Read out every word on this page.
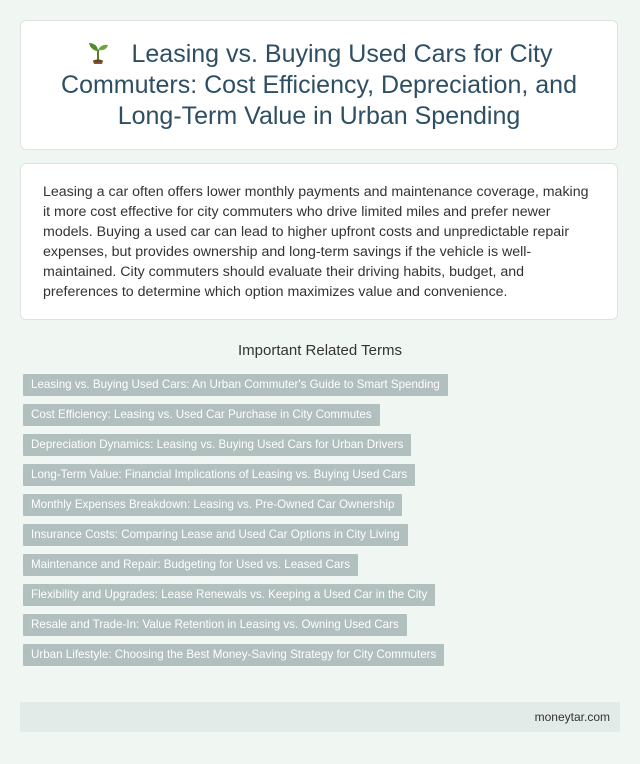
Leasing vs. Buying Used Cars for City Commuters: Cost Efficiency, Depreciation, and Long-Term Value in Urban Spending

Leasing a car often offers lower monthly payments and maintenance coverage, making it more cost effective for city commuters who drive limited miles and prefer newer models. Buying a used car can lead to higher upfront costs and unpredictable repair expenses, but provides ownership and long-term savings if the vehicle is well-maintained. City commuters should evaluate their driving habits, budget, and preferences to determine which option maximizes value and convenience.

Important Related Terms
Leasing vs. Buying Used Cars: An Urban Commuter's Guide to Smart Spending
Cost Efficiency: Leasing vs. Used Car Purchase in City Commutes
Depreciation Dynamics: Leasing vs. Buying Used Cars for Urban Drivers
Long-Term Value: Financial Implications of Leasing vs. Buying Used Cars
Monthly Expenses Breakdown: Leasing vs. Pre-Owned Car Ownership
Insurance Costs: Comparing Lease and Used Car Options in City Living
Maintenance and Repair: Budgeting for Used vs. Leased Cars
Flexibility and Upgrades: Lease Renewals vs. Keeping a Used Car in the City
Resale and Trade-In: Value Retention in Leasing vs. Owning Used Cars
Urban Lifestyle: Choosing the Best Money-Saving Strategy for City Commuters
moneytar.com
